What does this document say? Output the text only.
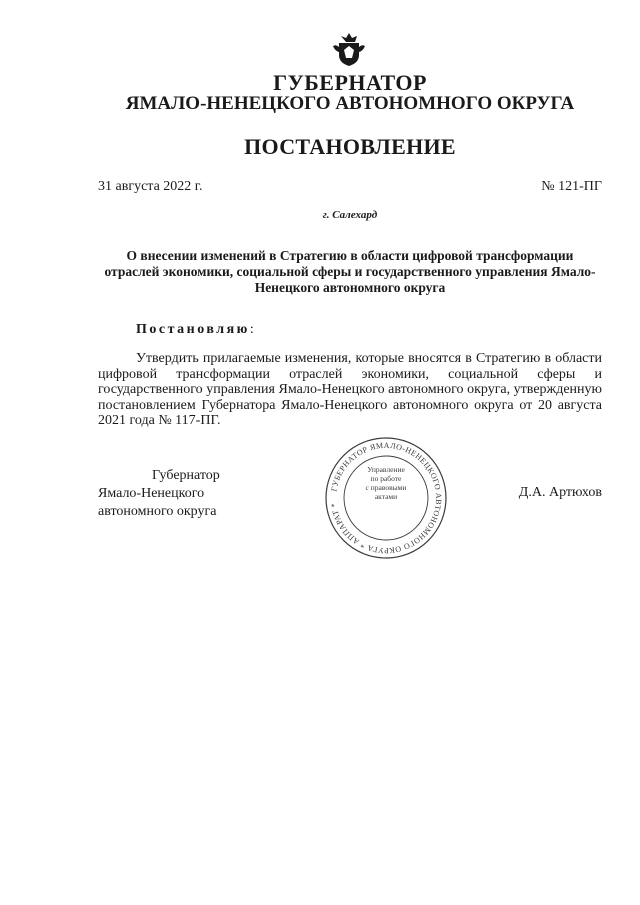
ГУБЕРНАТОР
ЯМАЛО-НЕНЕЦКОГО АВТОНОМНОГО ОКРУГА
ПОСТАНОВЛЕНИЕ
31 августа 2022 г.	№ 121-ПГ
г. Салехард
О внесении изменений в Стратегию в области цифровой трансформации отраслей экономики, социальной сферы и государственного управления Ямало-Ненецкого автономного округа
Постановляю:
Утвердить прилагаемые изменения, которые вносятся в Стратегию в области цифровой трансформации отраслей экономики, социальной сферы и государственного управления Ямало-Ненецкого автономного округа, утвержденную постановлением Губернатора Ямало-Ненецкого автономного округа от 20 августа 2021 года № 117-ПГ.
Губернатор
Ямало-Ненецкого автономного округа
Д.А. Артюхов
ГУБЕРНАТОР ЯМАЛО-НЕНЕЦКОГО АВТОНОМНОГО ОКРУГА * АППАРАТ *
Управление
по работе
с правовыми
актами
